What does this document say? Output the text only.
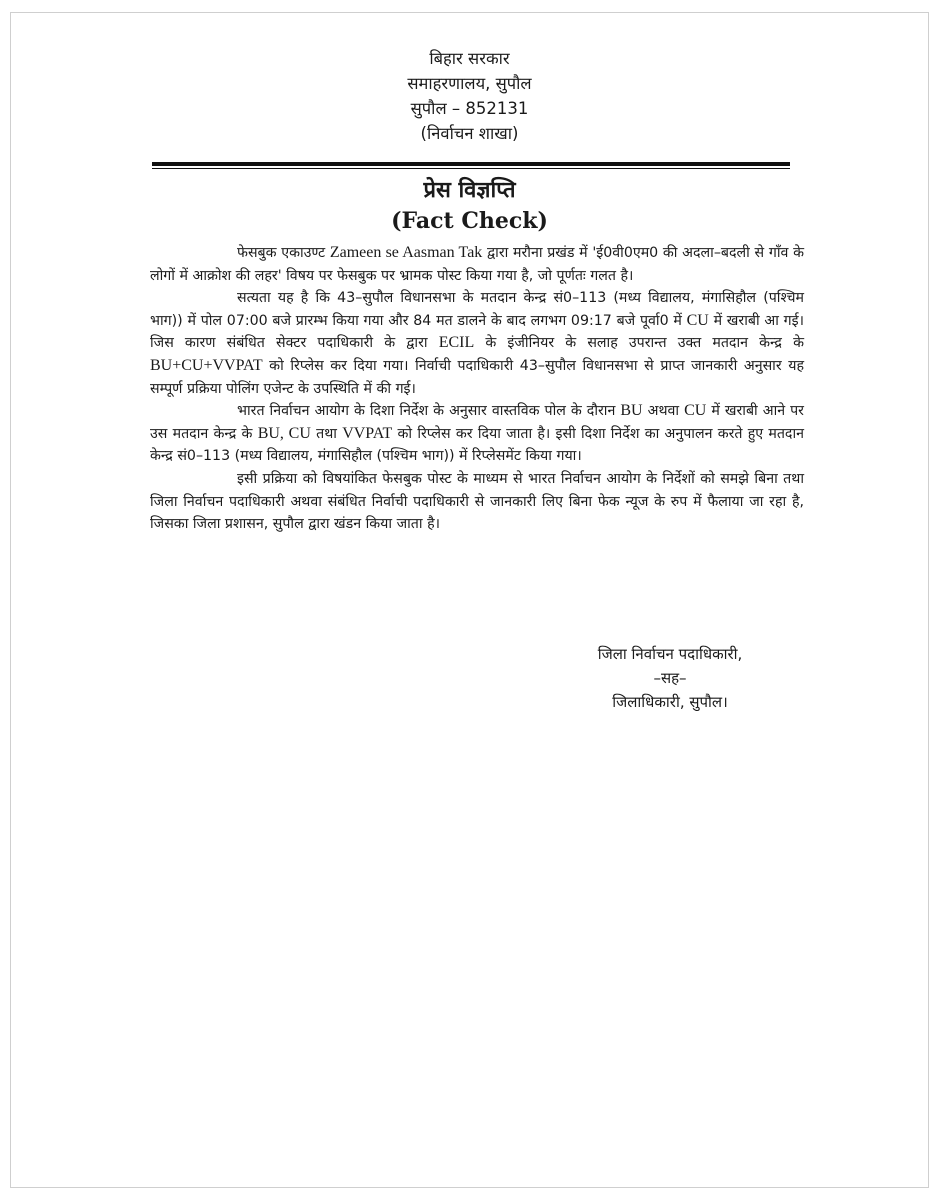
बिहार सरकार
समाहरणालय, सुपौल
सुपौल – 852131
(निर्वाचन शाखा)
प्रेस विज्ञप्ति
(Fact Check)

फेसबुक एकाउण्ट Zameen se Aasman Tak द्वारा मरौना प्रखंड में 'ई0वी0एम0 की अदला–बदली से गाँव के लोगों में आक्रोश की लहर' विषय पर फेसबुक पर भ्रामक पोस्ट किया गया है, जो पूर्णतः गलत है।

सत्यता यह है कि 43–सुपौल विधानसभा के मतदान केन्द्र सं0–113 (मध्य विद्यालय, मंगासिहौल (पश्चिम भाग)) में पोल 07:00 बजे प्रारम्भ किया गया और 84 मत डालने के बाद लगभग 09:17 बजे पूर्वा0 में CU में खराबी आ गई। जिस कारण संबंधित सेक्टर पदाधिकारी के द्वारा ECIL के इंजीनियर के सलाह उपरान्त उक्त मतदान केन्द्र के BU+CU+VVPAT को रिप्लेस कर दिया गया। निर्वाची पदाधिकारी 43–सुपौल विधानसभा से प्राप्त जानकारी अनुसार यह सम्पूर्ण प्रक्रिया पोलिंग एजेन्ट के उपस्थिति में की गई।

भारत निर्वाचन आयोग के दिशा निर्देश के अनुसार वास्तविक पोल के दौरान BU अथवा CU में खराबी आने पर उस मतदान केन्द्र के BU, CU तथा VVPAT को रिप्लेस कर दिया जाता है। इसी दिशा निर्देश का अनुपालन करते हुए मतदान केन्द्र सं0–113 (मध्य विद्यालय, मंगासिहौल (पश्चिम भाग)) में रिप्लेसमेंट किया गया।

इसी प्रक्रिया को विषयांकित फेसबुक पोस्ट के माध्यम से भारत निर्वाचन आयोग के निर्देशों को समझे बिना तथा जिला निर्वाचन पदाधिकारी अथवा संबंधित निर्वाची पदाधिकारी से जानकारी लिए बिना फेक न्यूज के रुप में फैलाया जा रहा है, जिसका जिला प्रशासन, सुपौल द्वारा खंडन किया जाता है।

जिला निर्वाचन पदाधिकारी,
–सह–
जिलाधिकारी, सुपौल।
